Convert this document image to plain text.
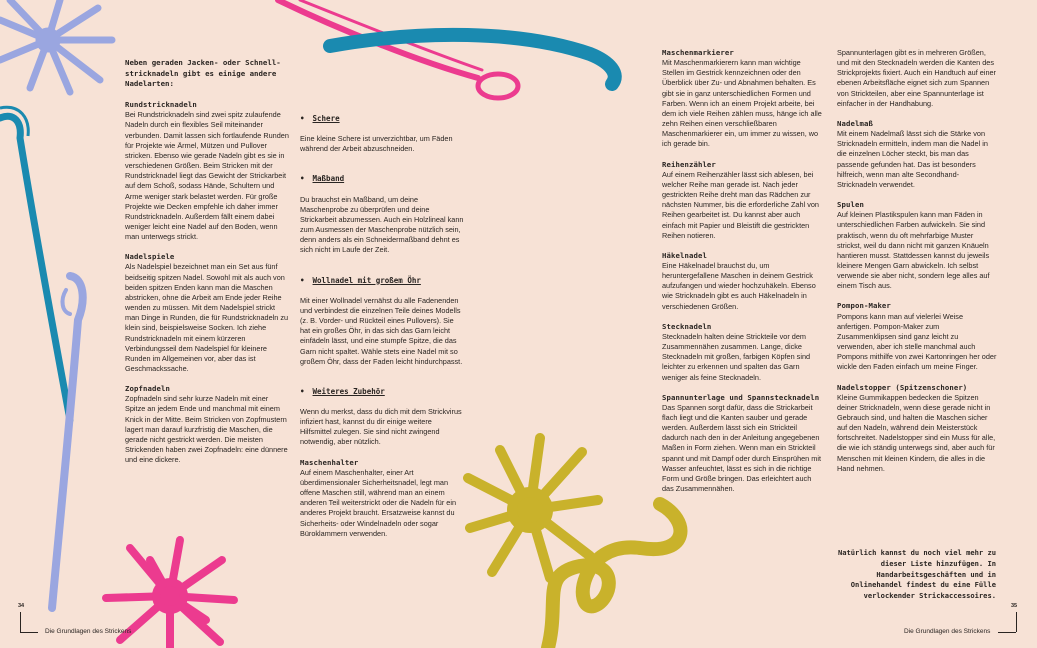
Neben geraden Jacken- oder Schnell-stricknadeln gibt es einige andere Nadelarten:

Rundstricknadeln

Bei Rundstricknadeln sind zwei spitz zulaufende Nadeln durch ein flexibles Seil miteinander verbunden. Damit lassen sich fortlaufende Runden für Projekte wie Ärmel, Mützen und Pullover stricken. Ebenso wie gerade Nadeln gibt es sie in verschiedenen Größen. Beim Stricken mit der Rundstricknadel liegt das Gewicht der Strickarbeit auf dem Schoß, sodass Hände, Schultern und Arme weniger stark belastet werden. Für große Projekte wie Decken empfehle ich daher immer Rundstricknadeln. Außerdem fällt einem dabei weniger leicht eine Nadel auf den Boden, wenn man unterwegs strickt.

Nadelspiele

Als Nadelspiel bezeichnet man ein Set aus fünf beidseitig spitzen Nadel. Sowohl mit als auch von beiden spitzen Enden kann man die Maschen abstricken, ohne die Arbeit am Ende jeder Reihe wenden zu müssen. Mit dem Nadelspiel strickt man Dinge in Runden, die für Rundstricknadeln zu klein sind, beispielsweise Socken. Ich ziehe Rundstricknadeln mit einem kürzeren Verbindungsseil dem Nadelspiel für kleinere Runden im Allgemeinen vor, aber das ist Geschmackssache.

Zopfnadeln

Zopfnadeln sind sehr kurze Nadeln mit einer Spitze an jedem Ende und manchmal mit einem Knick in der Mitte. Beim Stricken von Zopfmustern lagert man darauf kurzfristig die Maschen, die gerade nicht gestrickt werden. Die meisten Strickenden haben zwei Zopfnadeln: eine dünnere und eine dickere.

• Schere

Eine kleine Schere ist unverzichtbar, um Fäden während der Arbeit abzuschneiden.

• Maßband

Du brauchst ein Maßband, um deine Maschenprobe zu überprüfen und deine Strickarbeit abzumessen. Auch ein Holzlineal kann zum Ausmessen der Maschenprobe nützlich sein, denn anders als ein Schneidermaßband dehnt es sich nicht im Laufe der Zeit.

• Wollnadel mit großem Öhr

Mit einer Wollnadel vernähst du alle Fadenenden und verbindest die einzelnen Teile deines Modells (z. B. Vorder- und Rückteil eines Pullovers). Sie hat ein großes Öhr, in das sich das Garn leicht einfädeln lässt, und eine stumpfe Spitze, die das Garn nicht spaltet. Wähle stets eine Nadel mit so großem Öhr, dass der Faden leicht hindurchpasst.

• Weiteres Zubehör

Wenn du merkst, dass du dich mit dem Strickvirus infiziert hast, kannst du dir einige weitere Hilfsmittel zulegen. Sie sind nicht zwingend notwendig, aber nützlich.

Maschenhalter

Auf einem Maschenhalter, einer Art überdimensionaler Sicherheitsnadel, legt man offene Maschen still, während man an einem anderen Teil weiterstrickt oder die Nadeln für ein anderes Projekt braucht. Ersatzweise kannst du Sicherheits- oder Windelnadeln oder sogar Büroklammern verwenden.

Maschenmarkierer

Mit Maschenmarkierern kann man wichtige Stellen im Gestrick kennzeichnen oder den Überblick über Zu- und Abnahmen behalten. Es gibt sie in ganz unterschiedlichen Formen und Farben. Wenn ich an einem Projekt arbeite, bei dem ich viele Reihen zählen muss, hänge ich alle zehn Reihen einen verschließbaren Maschenmarkierer ein, um immer zu wissen, wo ich gerade bin.

Reihenzähler

Auf einem Reihenzähler lässt sich ablesen, bei welcher Reihe man gerade ist. Nach jeder gestrickten Reihe dreht man das Rädchen zur nächsten Nummer, bis die erforderliche Zahl von Reihen gearbeitet ist. Du kannst aber auch einfach mit Papier und Bleistift die gestrickten Reihen notieren.

Häkelnadel

Eine Häkelnadel brauchst du, um heruntergefallene Maschen in deinem Gestrick aufzufangen und wieder hochzuhäkeln. Ebenso wie Stricknadeln gibt es auch Häkelnadeln in verschiedenen Größen.

Stecknadeln

Stecknadeln halten deine Strickteile vor dem Zusammennähen zusammen. Lange, dicke Stecknadeln mit großen, farbigen Köpfen sind leichter zu erkennen und spalten das Garn weniger als feine Stecknadeln.

Spannunterlage und Spannstecknadeln

Das Spannen sorgt dafür, dass die Strickarbeit flach liegt und die Kanten sauber und gerade werden. Außerdem lässt sich ein Strickteil dadurch nach den in der Anleitung angegebenen Maßen in Form ziehen. Wenn man ein Strickteil spannt und mit Dampf oder durch Einsprühen mit Wasser anfeuchtet, lässt es sich in die richtige Form und Größe bringen. Das erleichtert auch das Zusammennähen.

Spannunterlagen gibt es in mehreren Größen, und mit den Stecknadeln werden die Kanten des Strickprojekts fixiert. Auch ein Handtuch auf einer ebenen Arbeitsfläche eignet sich zum Spannen von Strickteilen, aber eine Spannunterlage ist einfacher in der Handhabung.

Nadelmaß

Mit einem Nadelmaß lässt sich die Stärke von Stricknadeln ermitteln, indem man die Nadel in die einzelnen Löcher steckt, bis man das passende gefunden hat. Das ist besonders hilfreich, wenn man alte Secondhand-Stricknadeln verwendet.

Spulen

Auf kleinen Plastikspulen kann man Fäden in unterschiedlichen Farben aufwickeln. Sie sind praktisch, wenn du oft mehrfarbige Muster strickst, weil du dann nicht mit ganzen Knäueln hantieren musst. Stattdessen kannst du jeweils kleinere Mengen Garn abwickeln. Ich selbst verwende sie aber nicht, sondern lege alles auf einem Tisch aus.

Pompon-Maker

Pompons kann man auf vielerlei Weise anfertigen. Pompon-Maker zum Zusammenklipsen sind ganz leicht zu verwenden, aber ich stelle manchmal auch Pompons mithilfe von zwei Kartonringen her oder wickle den Faden einfach um meine Finger.

Nadelstopper (Spitzenschoner)

Kleine Gummikappen bedecken die Spitzen deiner Stricknadeln, wenn diese gerade nicht in Gebrauch sind, und halten die Maschen sicher auf den Nadeln, während dein Meisterstück fortschreitet. Nadelstopper sind ein Muss für alle, die wie ich ständig unterwegs sind, aber auch für Menschen mit kleinen Kindern, die alles in die Hand nehmen.

Natürlich kannst du noch viel mehr zu dieser Liste hinzufügen. In Handarbeitsgeschäften und in Onlinehandel findest du eine Fülle verlockender Strickaccessoires.

34
Die Grundlagen des Strickens
35
Die Grundlagen des Strickens
